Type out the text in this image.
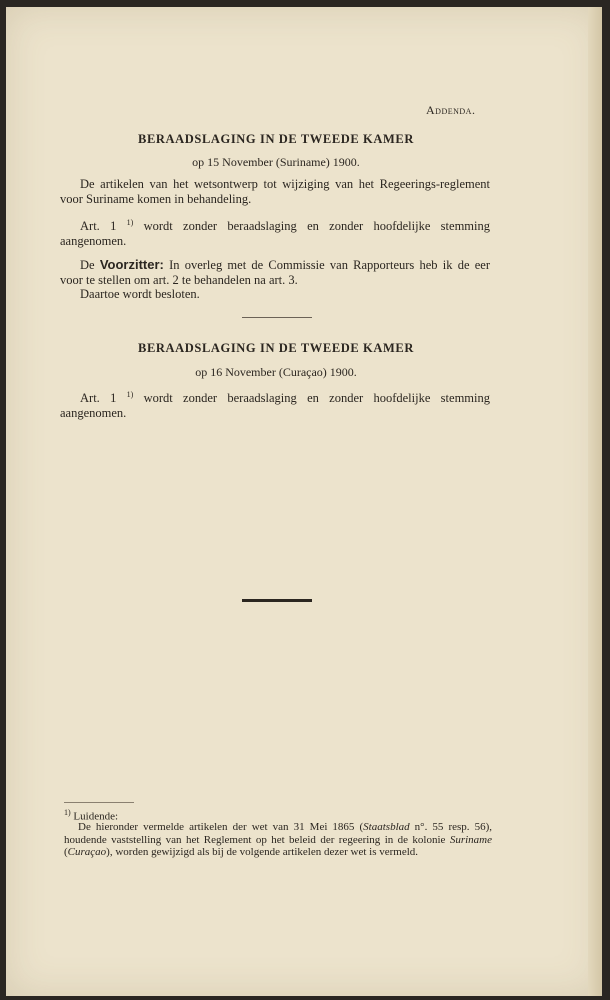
Addenda.
BERAADSLAGING IN DE TWEEDE KAMER
op 15 November (Suriname) 1900.
De artikelen van het wetsontwerp tot wijziging van het Regeerings-reglement voor Suriname komen in behandeling.
Art. 1 $^{1)}$ wordt zonder beraadslaging en zonder hoofdelijke stemming aangenomen.
De Voorzitter: In overleg met de Commissie van Rapporteurs heb ik de eer voor te stellen om art. 2 te behandelen na art. 3.
Daartoe wordt besloten.
BERAADSLAGING IN DE TWEEDE KAMER
op 16 November (Curaçao) 1900.
Art. 1 $^{1)}$ wordt zonder beraadslaging en zonder hoofdelijke stemming aangenomen.
$^{1)}$ Luidende:
De hieronder vermelde artikelen der wet van 31 Mei 1865 (Staatsblad n°. 55 resp. 56), houdende vaststelling van het Reglement op het beleid der regeering in de kolonie Suriname (Curaçao), worden gewijzigd als bij de volgende artikelen dezer wet is vermeld.
